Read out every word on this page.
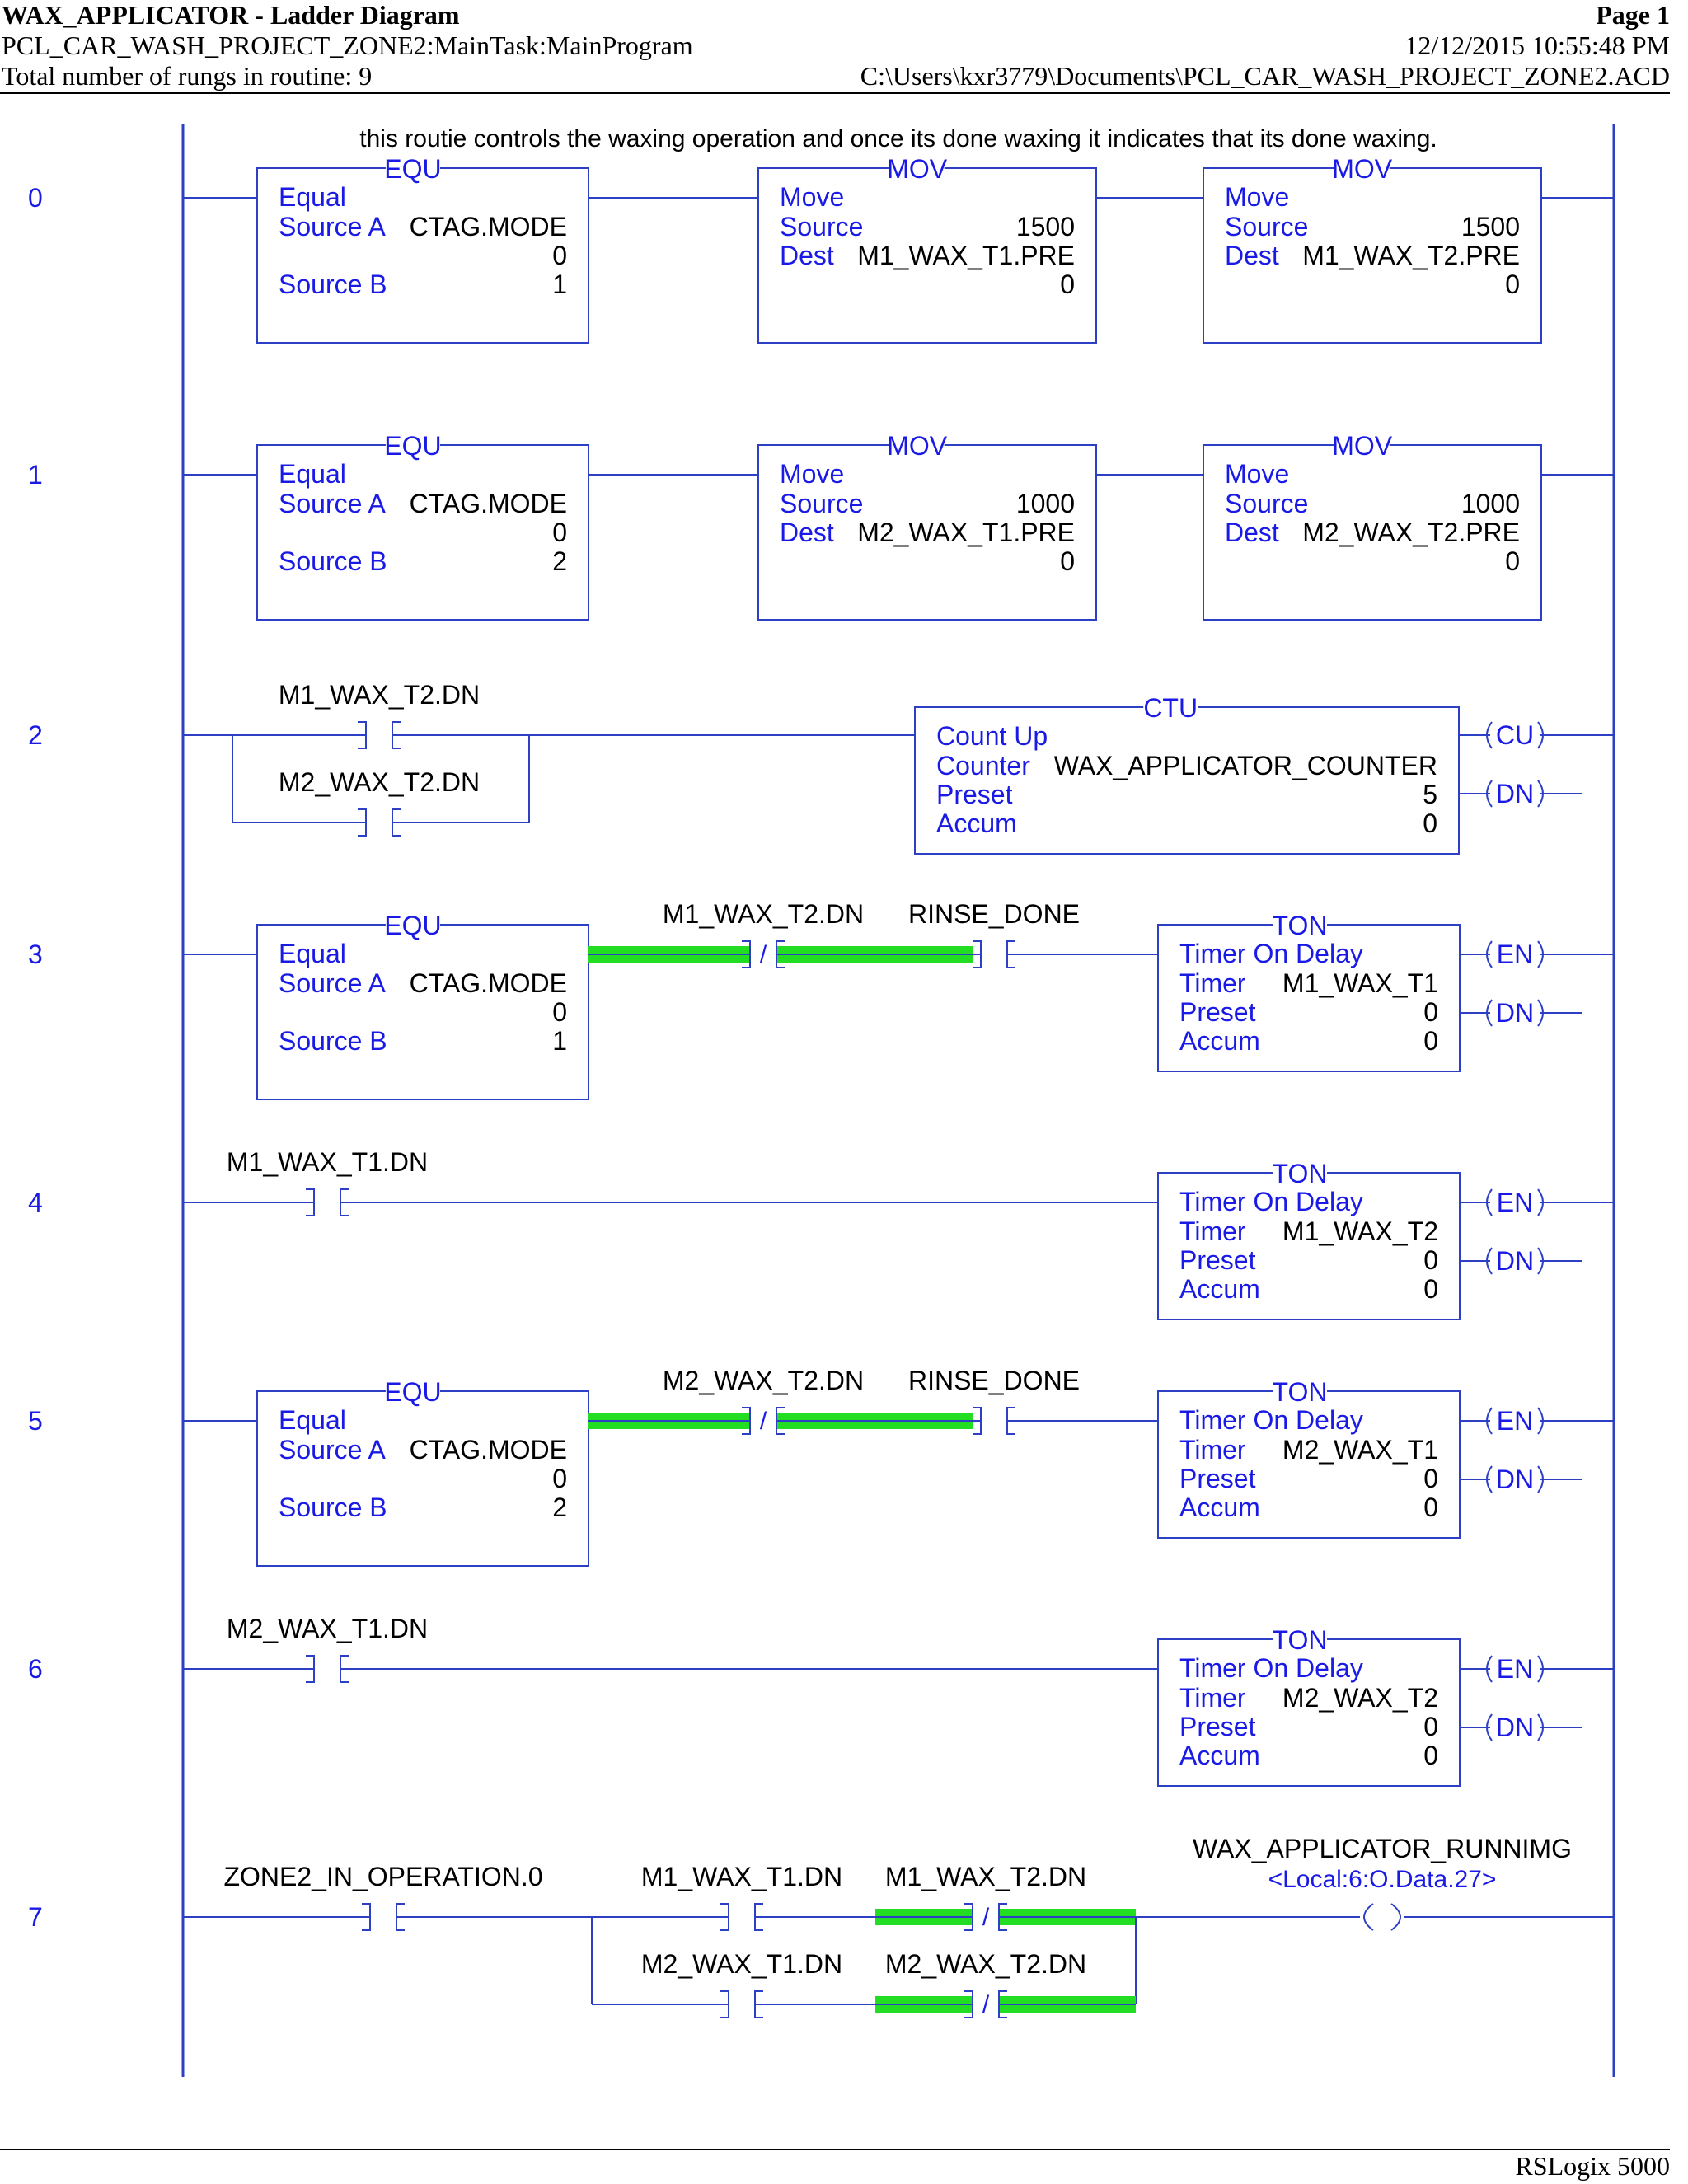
WAX_APPLICATOR - Ladder Diagram	Page 1
PCL_CAR_WASH_PROJECT_ZONE2:MainTask:MainProgram	12/12/2015 10:55:48 PM
Total number of rungs in routine: 9	C:\Users\kxr3779\Documents\PCL_CAR_WASH_PROJECT_ZONE2.ACD
this routie controls the waxing operation and once its done waxing it indicates that its done waxing.
0
EQU
Equal
Source A CTAG.MODE
0
Source B	1
MOV
Move
Source	1500
Dest M1_WAX_T1.PRE
0
MOV
Move
Source	1500
Dest M1_WAX_T2.PRE
0
1
EQU
Equal
Source A CTAG.MODE
0
Source B	2
MOV
Move
Source	1000
Dest M2_WAX_T1.PRE
0
MOV
Move
Source	1000
Dest M2_WAX_T2.PRE
0
2
M1_WAX_T2.DN
M2_WAX_T2.DN
CTU
Count Up
Counter WAX_APPLICATOR_COUNTER
Preset	5
Accum	0
CU
DN
3
EQU
Equal
Source A CTAG.MODE
0
Source B	1
/
M1_WAX_T2.DN RINSE_DONE	TON
Timer On Delay
Timer M1_WAX_T1
Preset	0
Accum	0
EN
DN
5
EQU
Equal
Source A CTAG.MODE
0
Source B	2
/
M2_WAX_T2.DN RINSE_DONE	TON
Timer On Delay
Timer M2_WAX_T1
Preset	0
Accum	0
EN
DN
4
M1_WAX_T1.DN	TON
Timer On Delay
Timer M1_WAX_T2
Preset	0
Accum	0
EN
DN
6
M2_WAX_T1.DN	TON
Timer On Delay
Timer M2_WAX_T2
Preset	0
Accum	0
EN
DN
7
ZONE2_IN_OPERATION.0	M1_WAX_T1.DN
/
M1_WAX_T2.DN
M2_WAX_T1.DN
/
M2_WAX_T2.DN
WAX_APPLICATOR_RUNNIMG
<Local:6:O.Data.27>
RSLogix 5000
